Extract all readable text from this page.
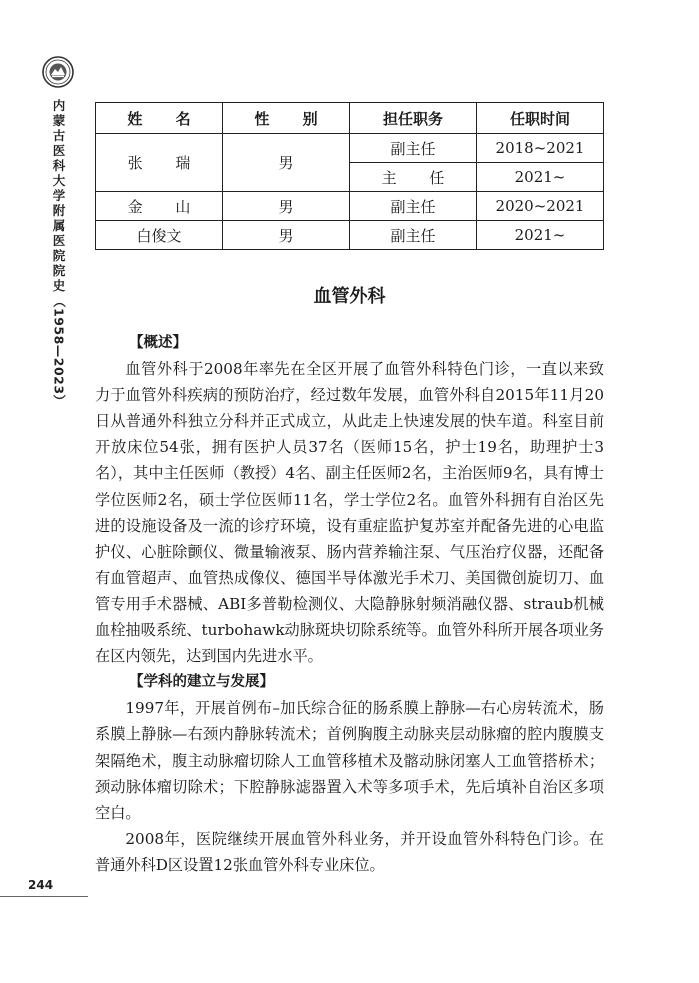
内蒙古医科大学附属医院院史
（1958—2023）
244
姓 名	性 别	担任职务	任职时间
张 瑞	男	副主任	2018~2021
		主 任	2021~
金 山	男	副主任	2020~2021
白俊文	男	副主任	2021~
血管外科

【概述】

血管外科于2008年率先在全区开展了血管外科特色门诊，一直以来致力于血管外科疾病的预防治疗，经过数年发展，血管外科自2015年11月20日从普通外科独立分科并正式成立，从此走上快速发展的快车道。科室目前开放床位54张，拥有医护人员37名（医师15名，护士19名，助理护士3名），其中主任医师（教授）4名、副主任医师2名，主治医师9名，具有博士学位医师2名，硕士学位医师11名，学士学位2名。血管外科拥有自治区先进的设施设备及一流的诊疗环境，设有重症监护复苏室并配备先进的心电监护仪、心脏除颤仪、微量输液泵、肠内营养输注泵、气压治疗仪器，还配备有血管超声、血管热成像仪、德国半导体激光手术刀、美国微创旋切刀、血管专用手术器械、ABI多普勒检测仪、大隐静脉射频消融仪器、straub机械血栓抽吸系统、turbohawk动脉斑块切除系统等。血管外科所开展各项业务在区内领先，达到国内先进水平。

【学科的建立与发展】

1997年，开展首例布–加氏综合征的肠系膜上静脉—右心房转流术，肠系膜上静脉—右颈内静脉转流术；首例胸腹主动脉夹层动脉瘤的腔内腹膜支架隔绝术，腹主动脉瘤切除人工血管移植术及髂动脉闭塞人工血管搭桥术；颈动脉体瘤切除术；下腔静脉滤器置入术等多项手术，先后填补自治区多项空白。

2008年，医院继续开展血管外科业务，并开设血管外科特色门诊。在普通外科D区设置12张血管外科专业床位。
